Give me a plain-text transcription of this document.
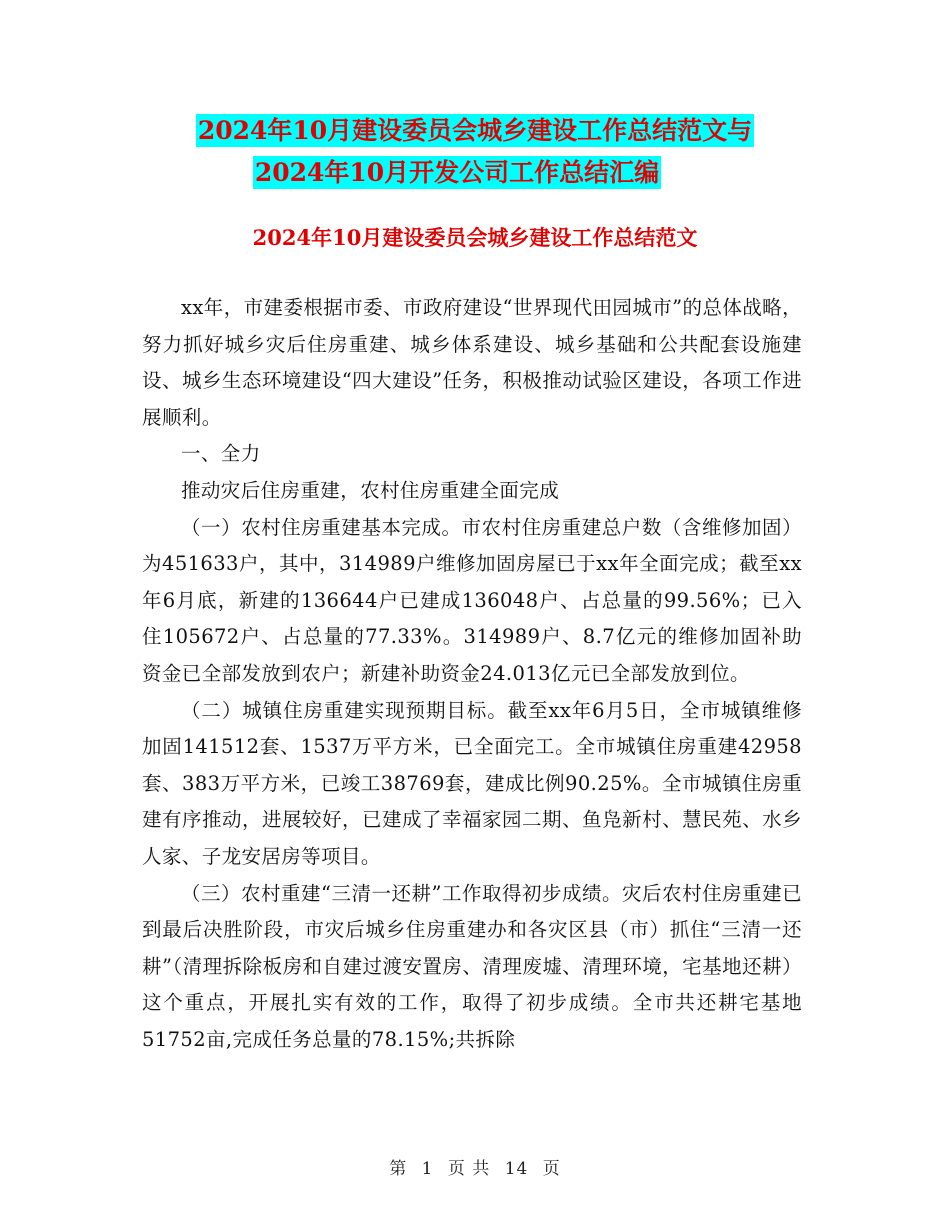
2024年10月建设委员会城乡建设工作总结范文与
2024年10月开发公司工作总结汇编
2024年10月建设委员会城乡建设工作总结范文

xx年，市建委根据市委、市政府建设“世界现代田园城市”的总体战略，努力抓好城乡灾后住房重建、城乡体系建设、城乡基础和公共配套设施建设、城乡生态环境建设“四大建设”任务，积极推动试验区建设，各项工作进展顺利。

一、全力

推动灾后住房重建，农村住房重建全面完成

（一）农村住房重建基本完成。市农村住房重建总户数（含维修加固）为451633户，其中，314989户维修加固房屋已于xx年全面完成；截至xx年6月底，新建的136644户已建成136048户、占总量的99.56%；已入住105672户、占总量的77.33%。314989户、8.7亿元的维修加固补助资金已全部发放到农户；新建补助资金24.013亿元已全部发放到位。

（二）城镇住房重建实现预期目标。截至xx年6月5日，全市城镇维修加固141512套、1537万平方米，已全面完工。全市城镇住房重建42958套、383万平方米，已竣工38769套，建成比例90.25%。全市城镇住房重建有序推动，进展较好，已建成了幸福家园二期、鱼凫新村、慧民苑、水乡人家、子龙安居房等项目。

（三）农村重建“三清一还耕”工作取得初步成绩。灾后农村住房重建已到最后决胜阶段，市灾后城乡住房重建办和各灾区县（市）抓住“三清一还耕”（清理拆除板房和自建过渡安置房、清理废墟、清理环境，宅基地还耕）这个重点，开展扎实有效的工作，取得了初步成绩。全市共还耕宅基地51752亩,完成任务总量的78.15%;共拆除

第 1 页 共 14 页
